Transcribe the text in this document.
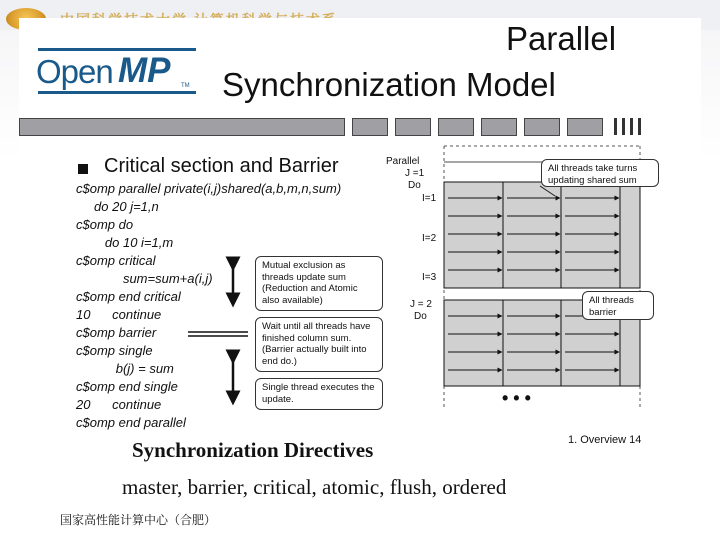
Open MP TM
Parallel
Synchronization Model
Critical section and Barrier
c$omp parallel private(i,j)shared(a,b,m,n,sum)
do 20 j=1,n
c$omp do
do 10 i=1,m
c$omp critical
sum=sum+a(i,j)
c$omp end critical
10      continue
c$omp barrier
c$omp single
b(j) = sum
c$omp end single
20      continue
c$omp end parallel
Mutual exclusion as threads update sum (Reduction and Atomic also available)
Wait until all threads have finished column sum.(Barrier actually built into end do.)
Single thread executes the update.
Parallel
J =1
Do
I=1
I=2
I=3
J = 2
Do
• • •
All threads take turns updating shared sum
All threads barrier
1. Overview 14
Synchronization Directives
master, barrier, critical, atomic, flush, ordered
国家高性能计算中心（合肥）
